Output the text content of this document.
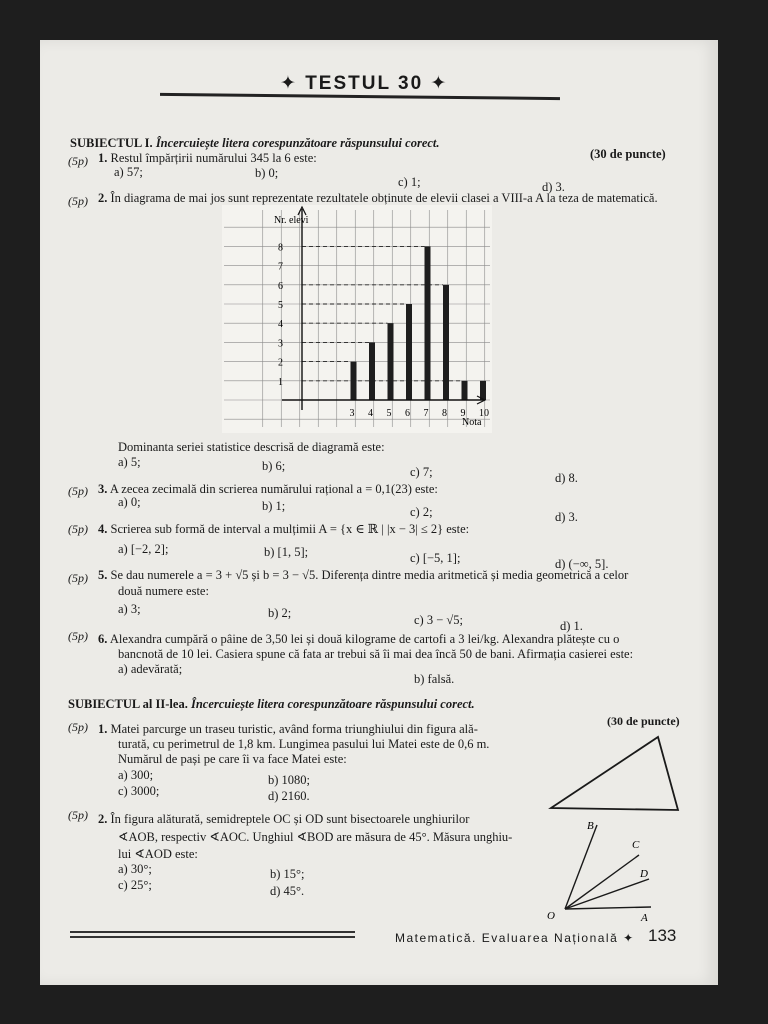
✦ TESTUL 30 ✦
SUBIECTUL I. Încercuiește litera corespunzătoare răspunsului corect.
(30 de puncte)
(5p) 1. Restul împărțirii numărului 345 la 6 este:
a) 57;	b) 0;
c) 1;	d) 3.
(5p) 2. În diagrama de mai jos sunt reprezentate rezultatele obținute de elevii clasei a VIII-a A la teza de matematică.
1
2
3
4
5
6
7
8
3 4 5 6 7 8 9 10
Nr. elevi
Nota
Dominanta seriei statistice descrisă de diagramă este:
a) 5;	b) 6;	c) 7;	d) 8.
(5p) 3. A zecea zecimală din scrierea numărului rațional a = 0,1(23) este:
a) 0;	b) 1;	c) 2;	d) 3.
(5p) 4. Scrierea sub formă de interval a mulțimii A = {x ∈ ℝ | |x − 3| ≤ 2} este:
a) [−2, 2];	b) [1, 5];	c) [−5, 1];	d) (−∞, 5].
(5p) 5. Se dau numerele a = 3 + √5 și b = 3 − √5. Diferența dintre media aritmetică și media geometrică a celor
două numere este:
a) 3;	b) 2;	c) 3 − √5;	d) 1.
(5p) 6. Alexandra cumpără o pâine de 3,50 lei și două kilograme de cartofi a 3 lei/kg. Alexandra plătește cu o
bancnotă de 10 lei. Casiera spune că fata ar trebui să îi mai dea încă 50 de bani. Afirmația casierei este:
a) adevărată;
b) falsă.
SUBIECTUL al II-lea. Încercuiește litera corespunzătoare răspunsului corect.
(30 de puncte)
(5p) 1. Matei parcurge un traseu turistic, având forma triunghiului din figura ală-
turată, cu perimetrul de 1,8 km. Lungimea pasului lui Matei este de 0,6 m.
Numărul de pași pe care îi va face Matei este:
a) 300;	b) 1080;
c) 3000;	d) 2160.
(5p) 2. În figura alăturată, semidreptele OC și OD sunt bisectoarele unghiurilor
∢AOB, respectiv ∢AOC. Unghiul ∢BOD are măsura de 45°. Măsura unghiu-
lui ∢AOD este:
a) 30°;	b) 15°;
c) 25°;	d) 45°.
B
C
D
O	A
Matematică. Evaluarea Națională ✦ 133
